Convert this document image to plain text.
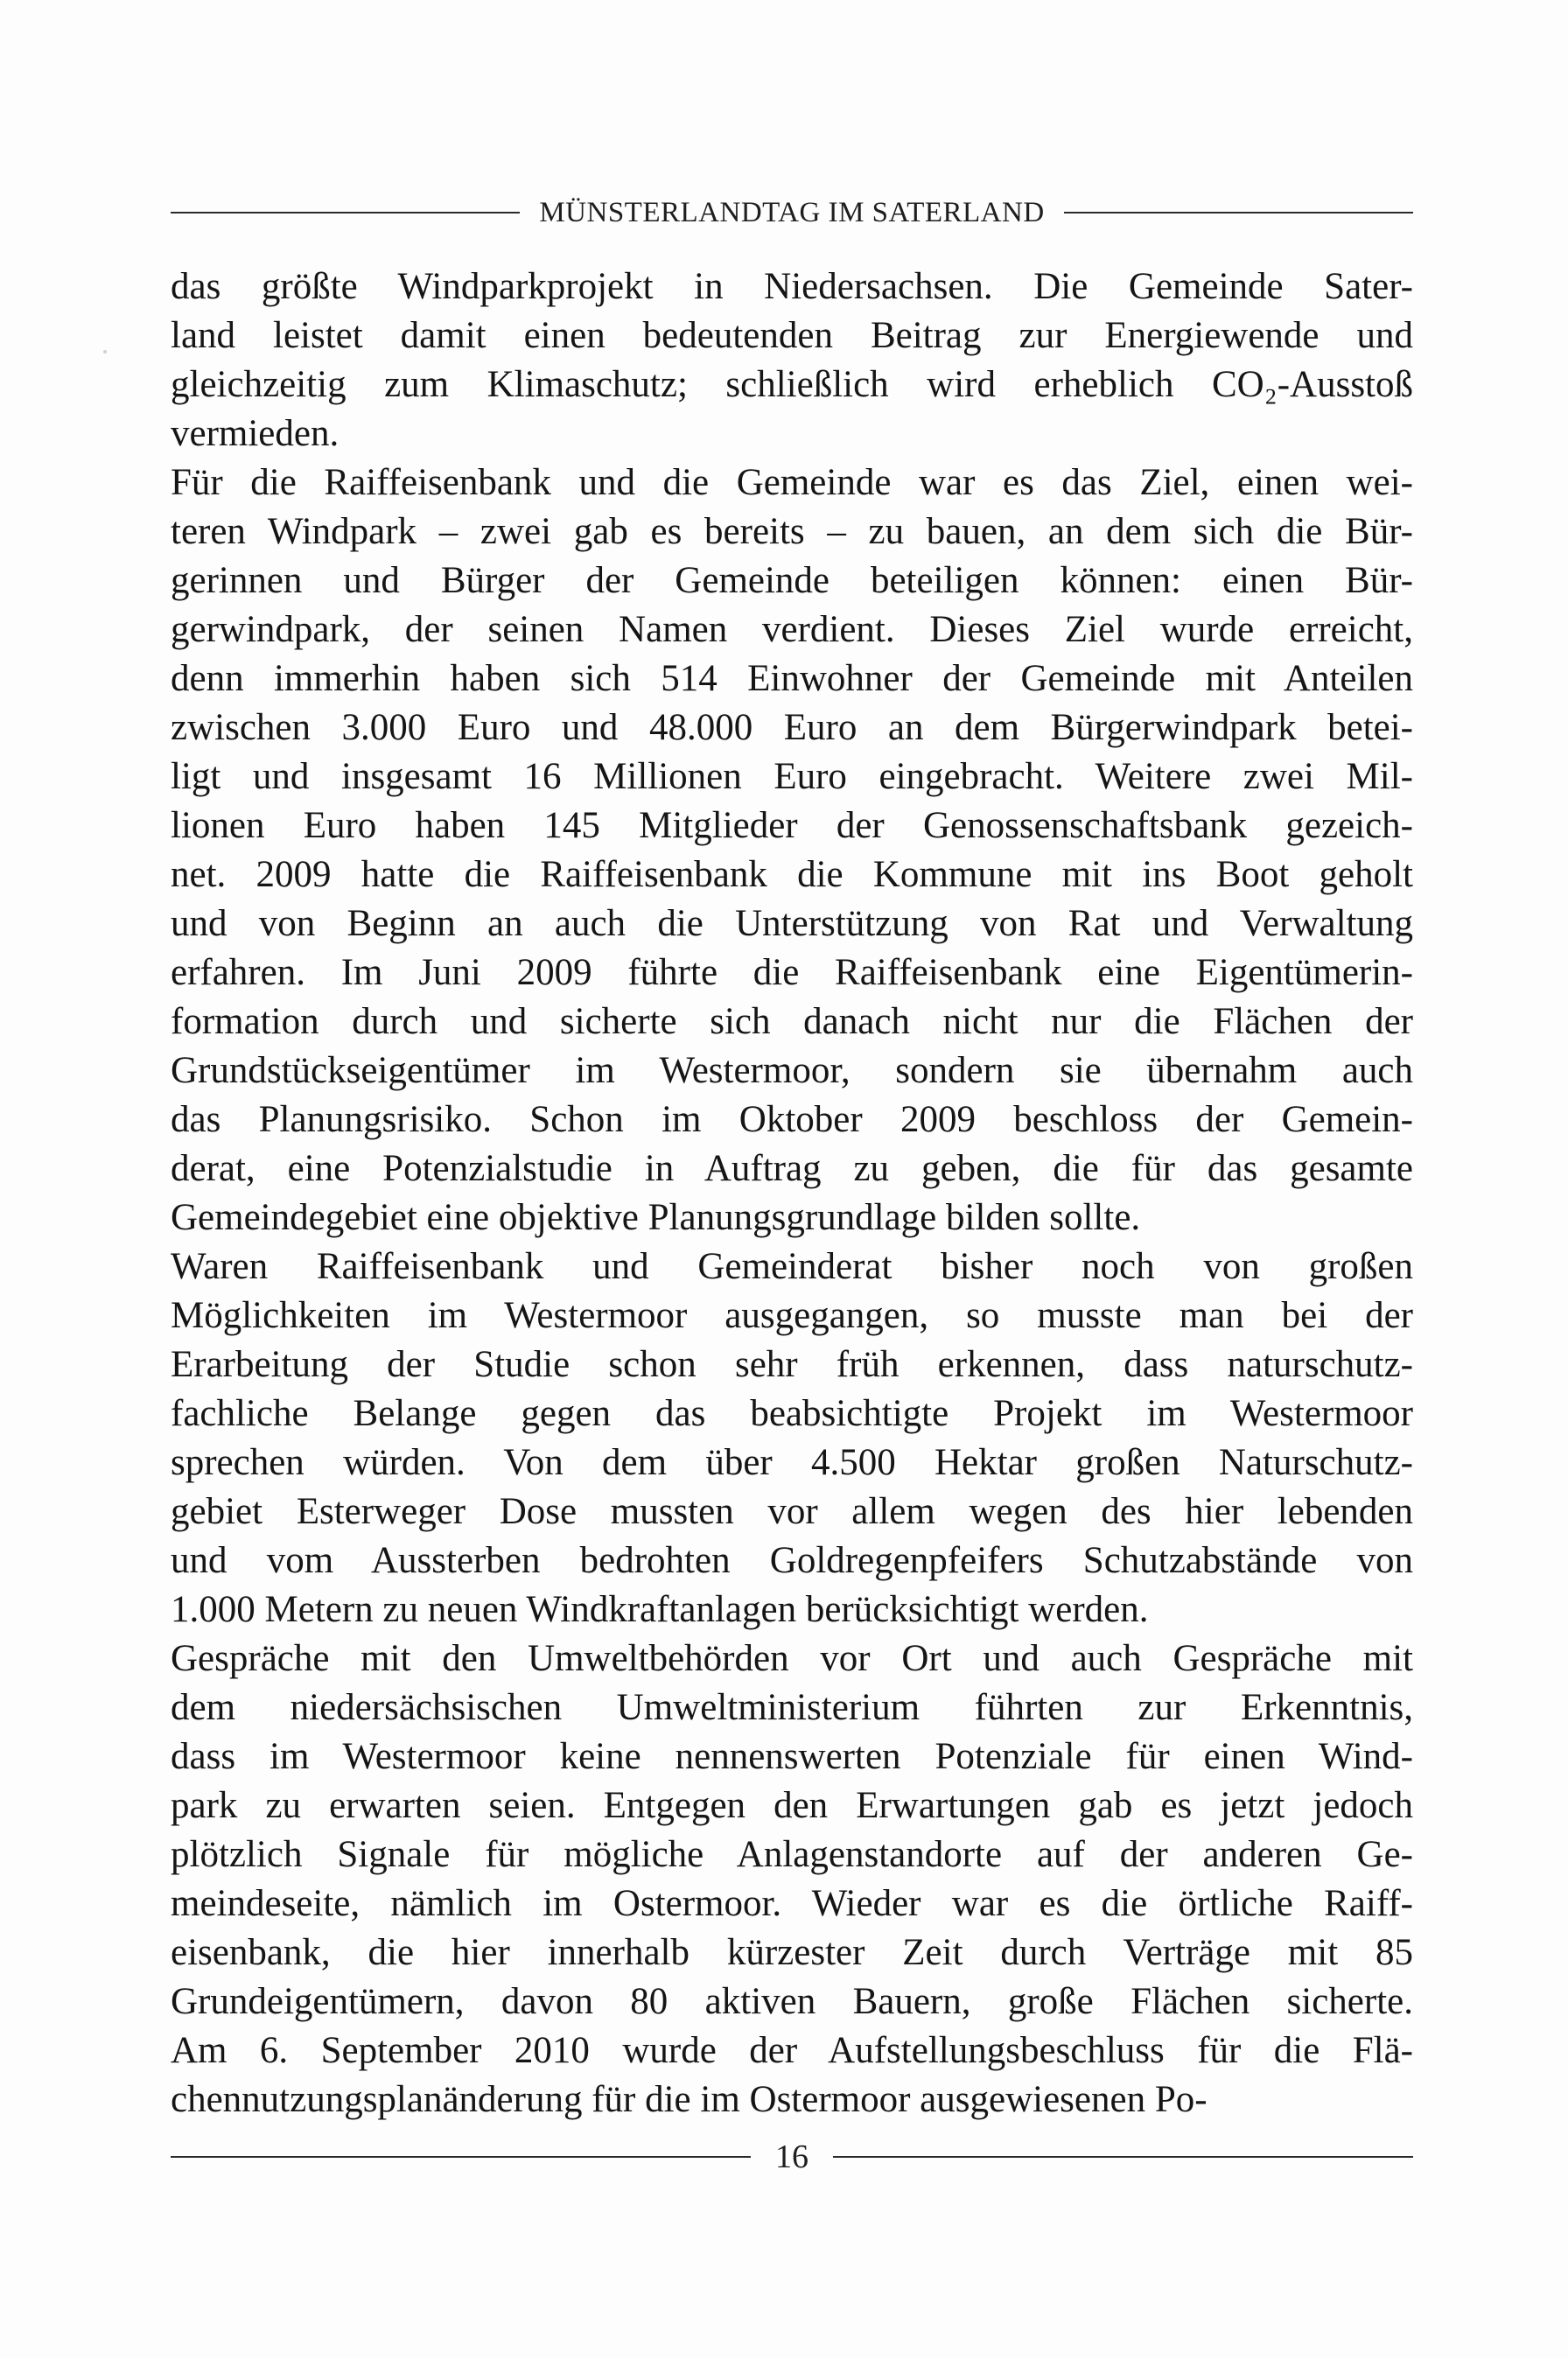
MÜNSTERLANDTAG IM SATERLAND
das größte Windparkprojekt in Niedersachsen. Die Gemeinde Sater-
land leistet damit einen bedeutenden Beitrag zur Energiewende und
gleichzeitig zum Klimaschutz; schließlich wird erheblich CO₂-Ausstoß
vermieden.
Für die Raiffeisenbank und die Gemeinde war es das Ziel, einen wei-
teren Windpark – zwei gab es bereits – zu bauen, an dem sich die Bür-
gerinnen und Bürger der Gemeinde beteiligen können: einen Bür-
gerwindpark, der seinen Namen verdient. Dieses Ziel wurde erreicht,
denn immerhin haben sich 514 Einwohner der Gemeinde mit Anteilen
zwischen 3.000 Euro und 48.000 Euro an dem Bürgerwindpark betei-
ligt und insgesamt 16 Millionen Euro eingebracht. Weitere zwei Mil-
lionen Euro haben 145 Mitglieder der Genossenschaftsbank gezeich-
net. 2009 hatte die Raiffeisenbank die Kommune mit ins Boot geholt
und von Beginn an auch die Unterstützung von Rat und Verwaltung
erfahren. Im Juni 2009 führte die Raiffeisenbank eine Eigentümerin-
formation durch und sicherte sich danach nicht nur die Flächen der
Grundstückseigentümer im Westermoor, sondern sie übernahm auch
das Planungsrisiko. Schon im Oktober 2009 beschloss der Gemein-
derat, eine Potenzialstudie in Auftrag zu geben, die für das gesamte
Gemeindegebiet eine objektive Planungsgrundlage bilden sollte.
Waren Raiffeisenbank und Gemeinderat bisher noch von großen
Möglichkeiten im Westermoor ausgegangen, so musste man bei der
Erarbeitung der Studie schon sehr früh erkennen, dass naturschutz-
fachliche Belange gegen das beabsichtigte Projekt im Westermoor
sprechen würden. Von dem über 4.500 Hektar großen Naturschutz-
gebiet Esterweger Dose mussten vor allem wegen des hier lebenden
und vom Aussterben bedrohten Goldregenpfeifers Schutzabstände von
1.000 Metern zu neuen Windkraftanlagen berücksichtigt werden.
Gespräche mit den Umweltbehörden vor Ort und auch Gespräche mit
dem niedersächsischen Umweltministerium führten zur Erkenntnis,
dass im Westermoor keine nennenswerten Potenziale für einen Wind-
park zu erwarten seien. Entgegen den Erwartungen gab es jetzt jedoch
plötzlich Signale für mögliche Anlagenstandorte auf der anderen Ge-
meindeseite, nämlich im Ostermoor. Wieder war es die örtliche Raiff-
eisenbank, die hier innerhalb kürzester Zeit durch Verträge mit 85
Grundeigentümern, davon 80 aktiven Bauern, große Flächen sicherte.
Am 6. September 2010 wurde der Aufstellungsbeschluss für die Flä-
chennutzungsplanänderung für die im Ostermoor ausgewiesenen Po-
16
